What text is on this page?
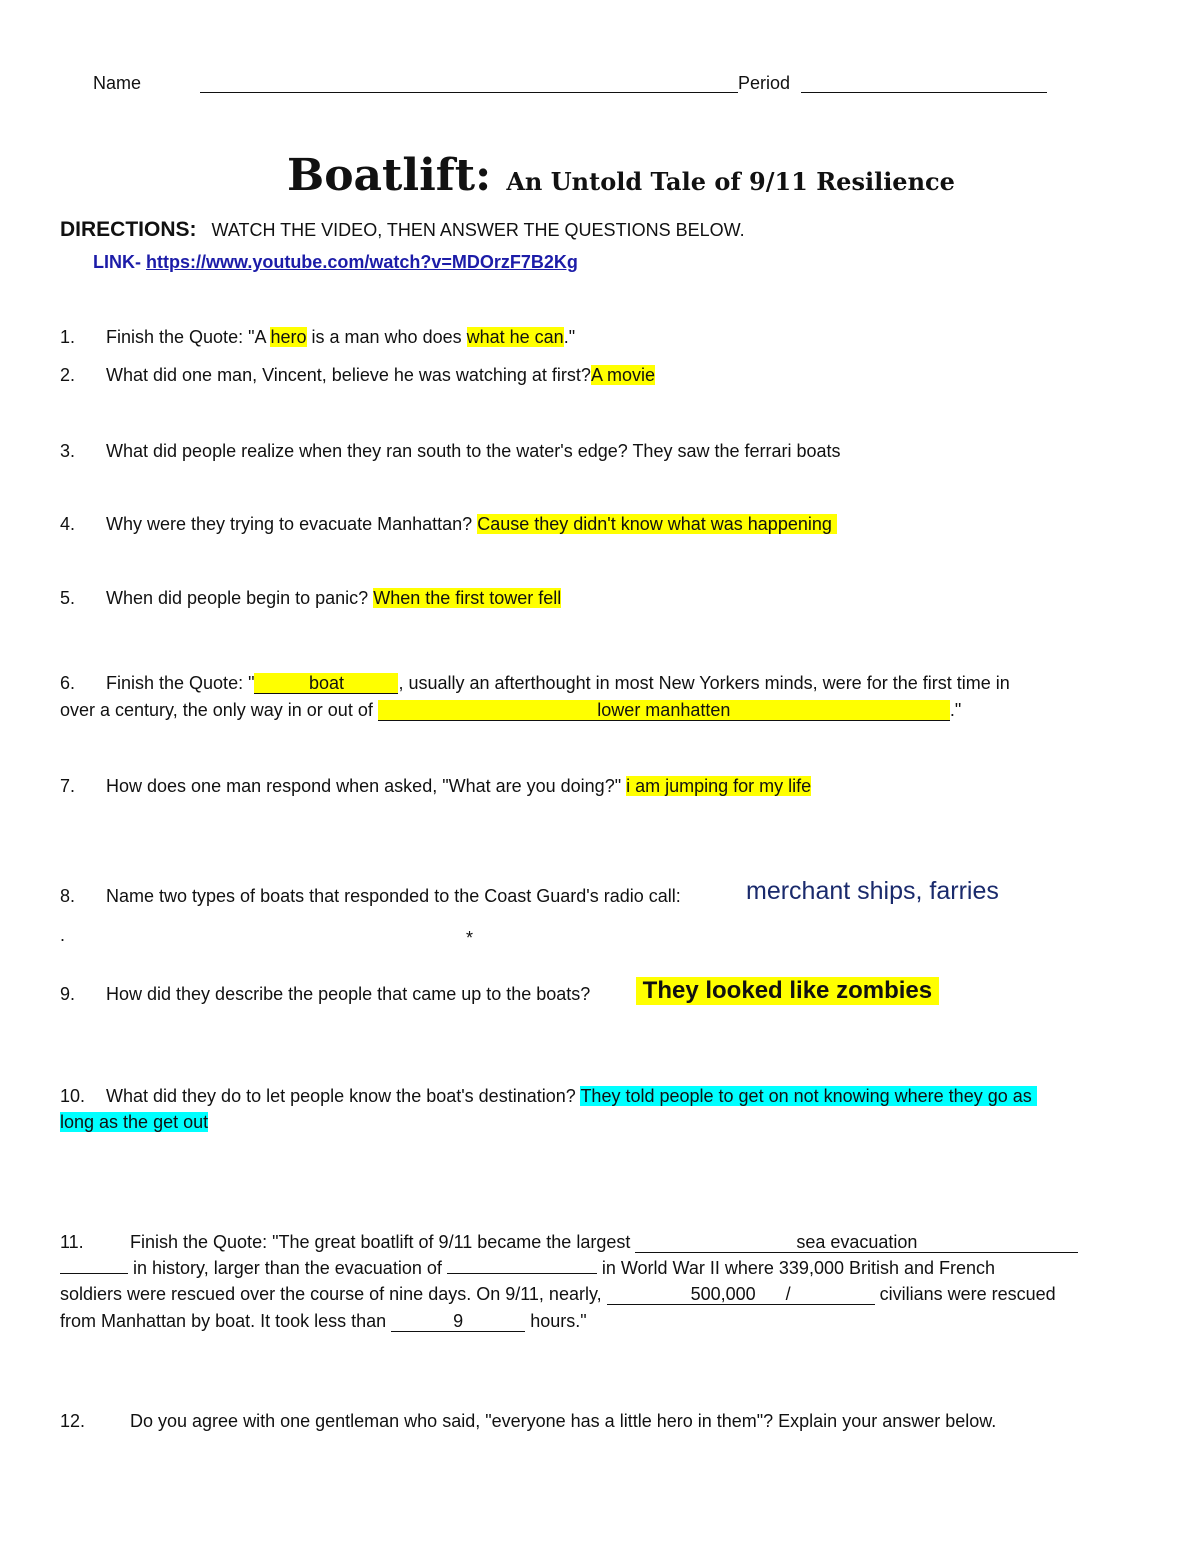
Name	Period
Boatlift: An Untold Tale of 9/11 Resilience
DIRECTIONS: WATCH THE VIDEO, THEN ANSWER THE QUESTIONS BELOW.
LINK- https://www.youtube.com/watch?v=MDOrzF7B2Kg
1. Finish the Quote: "A hero is a man who does what he can."
2. What did one man, Vincent, believe he was watching at first?A movie
3. What did people realize when they ran south to the water's edge? They saw the ferrari boats
4. Why were they trying to evacuate Manhattan? Cause they didn't know what was happening
5. When did people begin to panic? When the first tower fell
6. Finish the Quote: "	boat	, usually an afterthought in most New Yorkers minds, were for the first time in
over a century, the only way in or out of	lower manhatten	."
7. How does one man respond when asked, "What are you doing?" i am jumping for my life
8. Name two types of boats that responded to the Coast Guard's radio call:	merchant ships, farries
.	*
9. How did they describe the people that came up to the boats? They looked like zombies
10. What did they do to let people know the boat's destination? They told people to get on not knowing where they go as
long as the get out
11.	Finish the Quote: "The great boatlift of 9/11 became the largest	sea evacuation
in history, larger than the evacuation of	in World War II where 339,000 British and French
soldiers were rescued over the course of nine days. On 9/11, nearly,	500,000      /	civilians were rescued
from Manhattan by boat. It took less than	9	hours."
12. Do you agree with one gentleman who said, "everyone has a little hero in them"? Explain your answer below.
